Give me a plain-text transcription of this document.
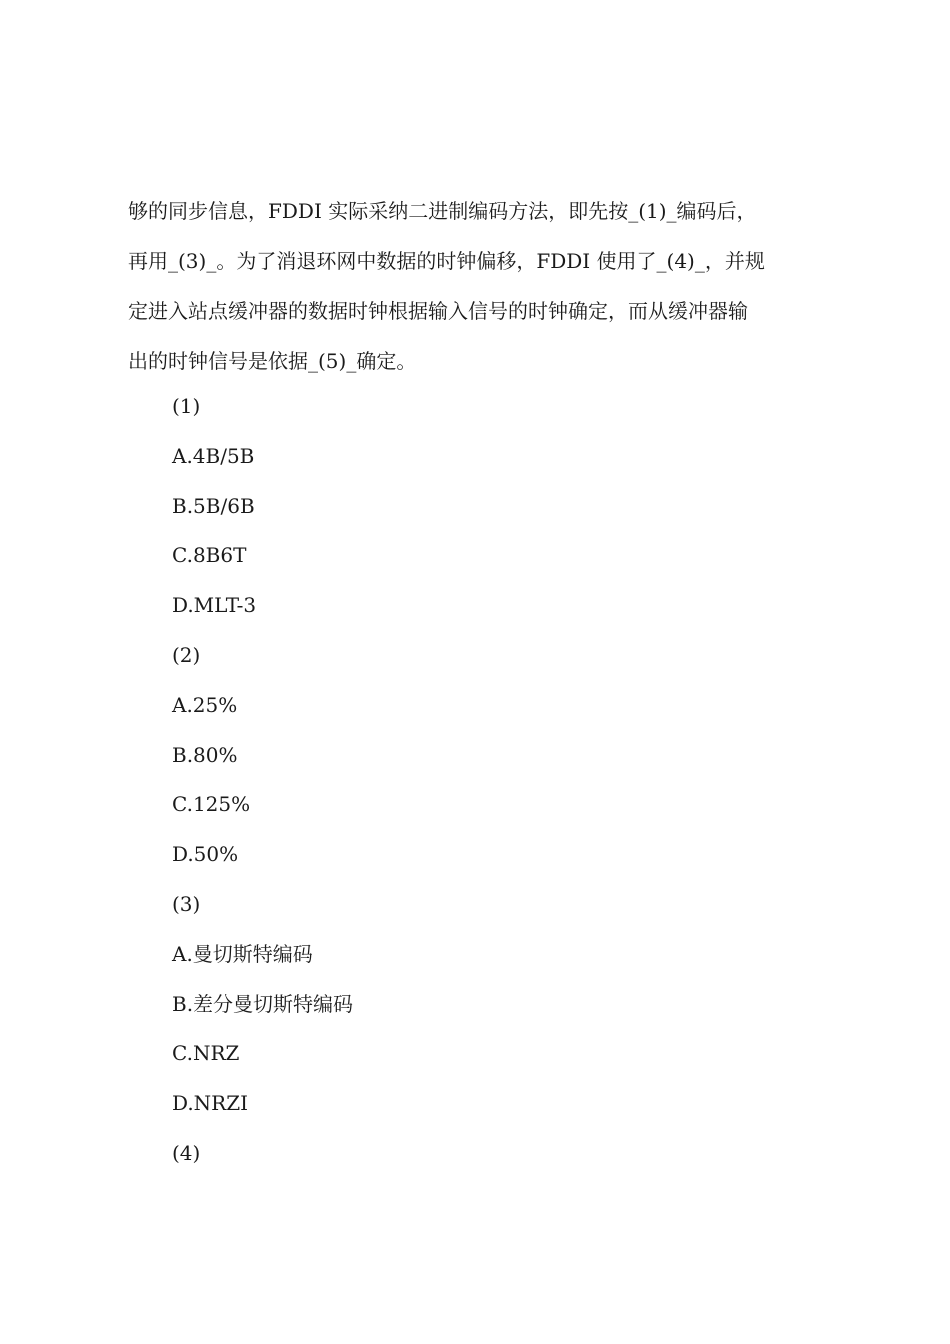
够的同步信息，FDDI 实际采纳二进制编码方法，即先按_(1)_编码后，
再用_(3)_。为了消退环网中数据的时钟偏移，FDDI 使用了_(4)_，并规
定进入站点缓冲器的数据时钟根据输入信号的时钟确定，而从缓冲器输
出的时钟信号是依据_(5)_确定。

(1)
A.4B/5B
B.5B/6B
C.8B6T
D.MLT-3
(2)
A.25%
B.80%
C.125%
D.50%
(3)
A.曼切斯特编码
B.差分曼切斯特编码
C.NRZ
D.NRZI
(4)
